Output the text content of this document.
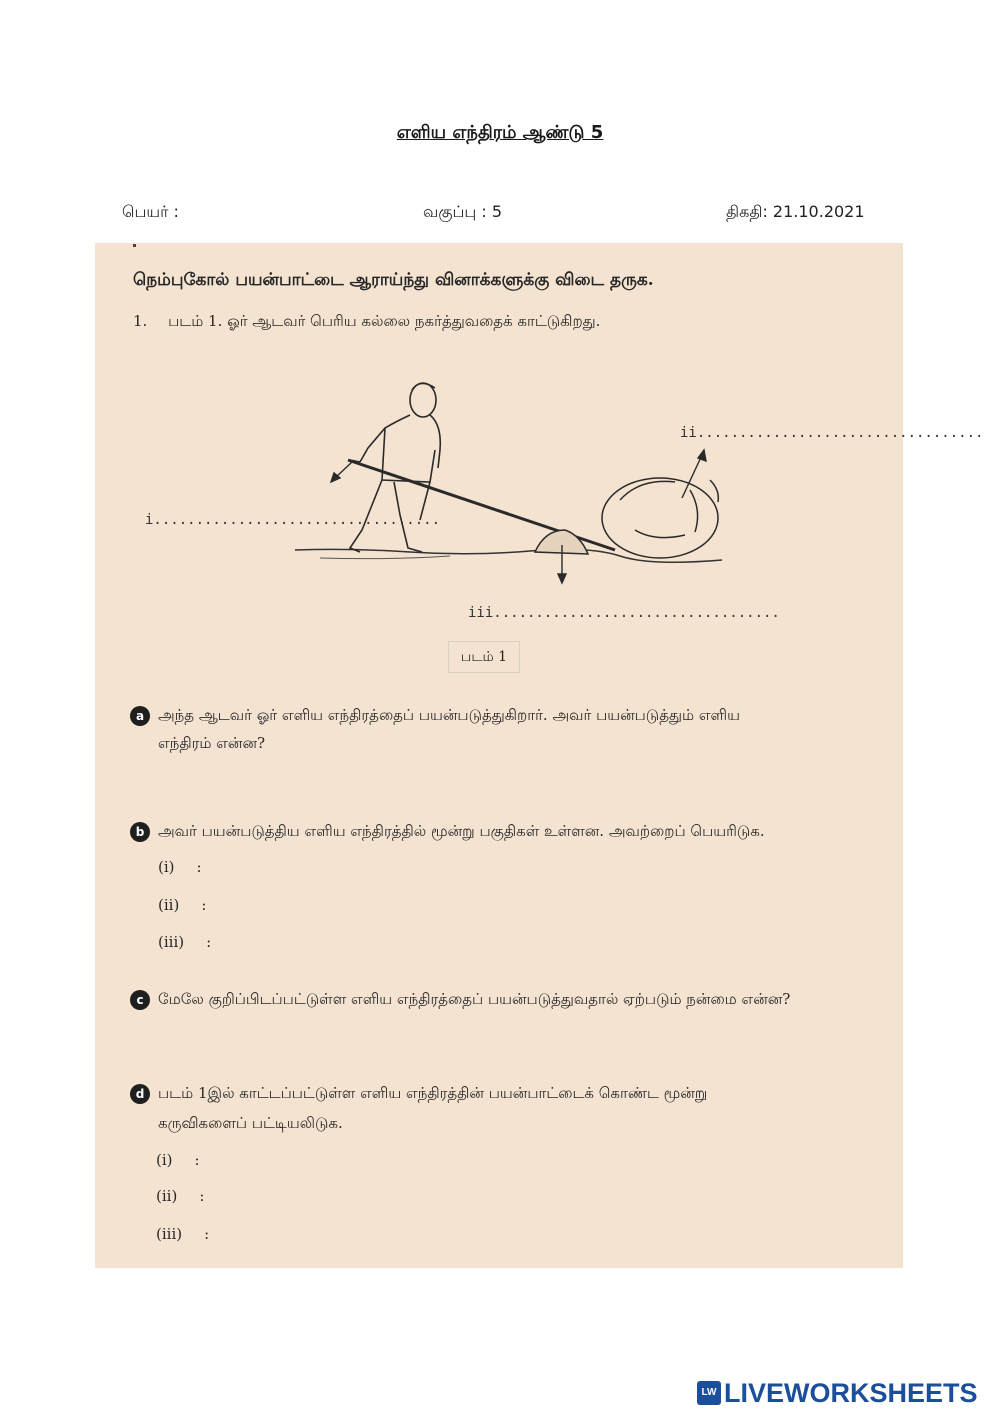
எளிய எந்திரம் ஆண்டு 5
பெயர் :	வகுப்பு : 5	திகதி: 21.10.2021
நெம்புகோல் பயன்பாட்டை ஆராய்ந்து வினாக்களுக்கு விடை தருக.
1. படம் 1. ஓர் ஆடவர் பெரிய கல்லை நகர்த்துவதைக் காட்டுகிறது.
i..................................
ii..................................
iii..................................
படம் 1
a அந்த ஆடவர் ஓர் எளிய எந்திரத்தைப் பயன்படுத்துகிறார். அவர் பயன்படுத்தும் எளிய
எந்திரம் என்ன?
b அவர் பயன்படுத்திய எளிய எந்திரத்தில் மூன்று பகுதிகள் உள்ளன. அவற்றைப் பெயரிடுக.
(i) :
(ii) :
(iii) :
c மேலே குறிப்பிடப்பட்டுள்ள எளிய எந்திரத்தைப் பயன்படுத்துவதால் ஏற்படும் நன்மை என்ன?
d படம் 1இல் காட்டப்பட்டுள்ள எளிய எந்திரத்தின் பயன்பாட்டைக் கொண்ட மூன்று
கருவிகளைப் பட்டியலிடுக.
(i) :
(ii) :
(iii) :
LW LIVEWORKSHEETS
